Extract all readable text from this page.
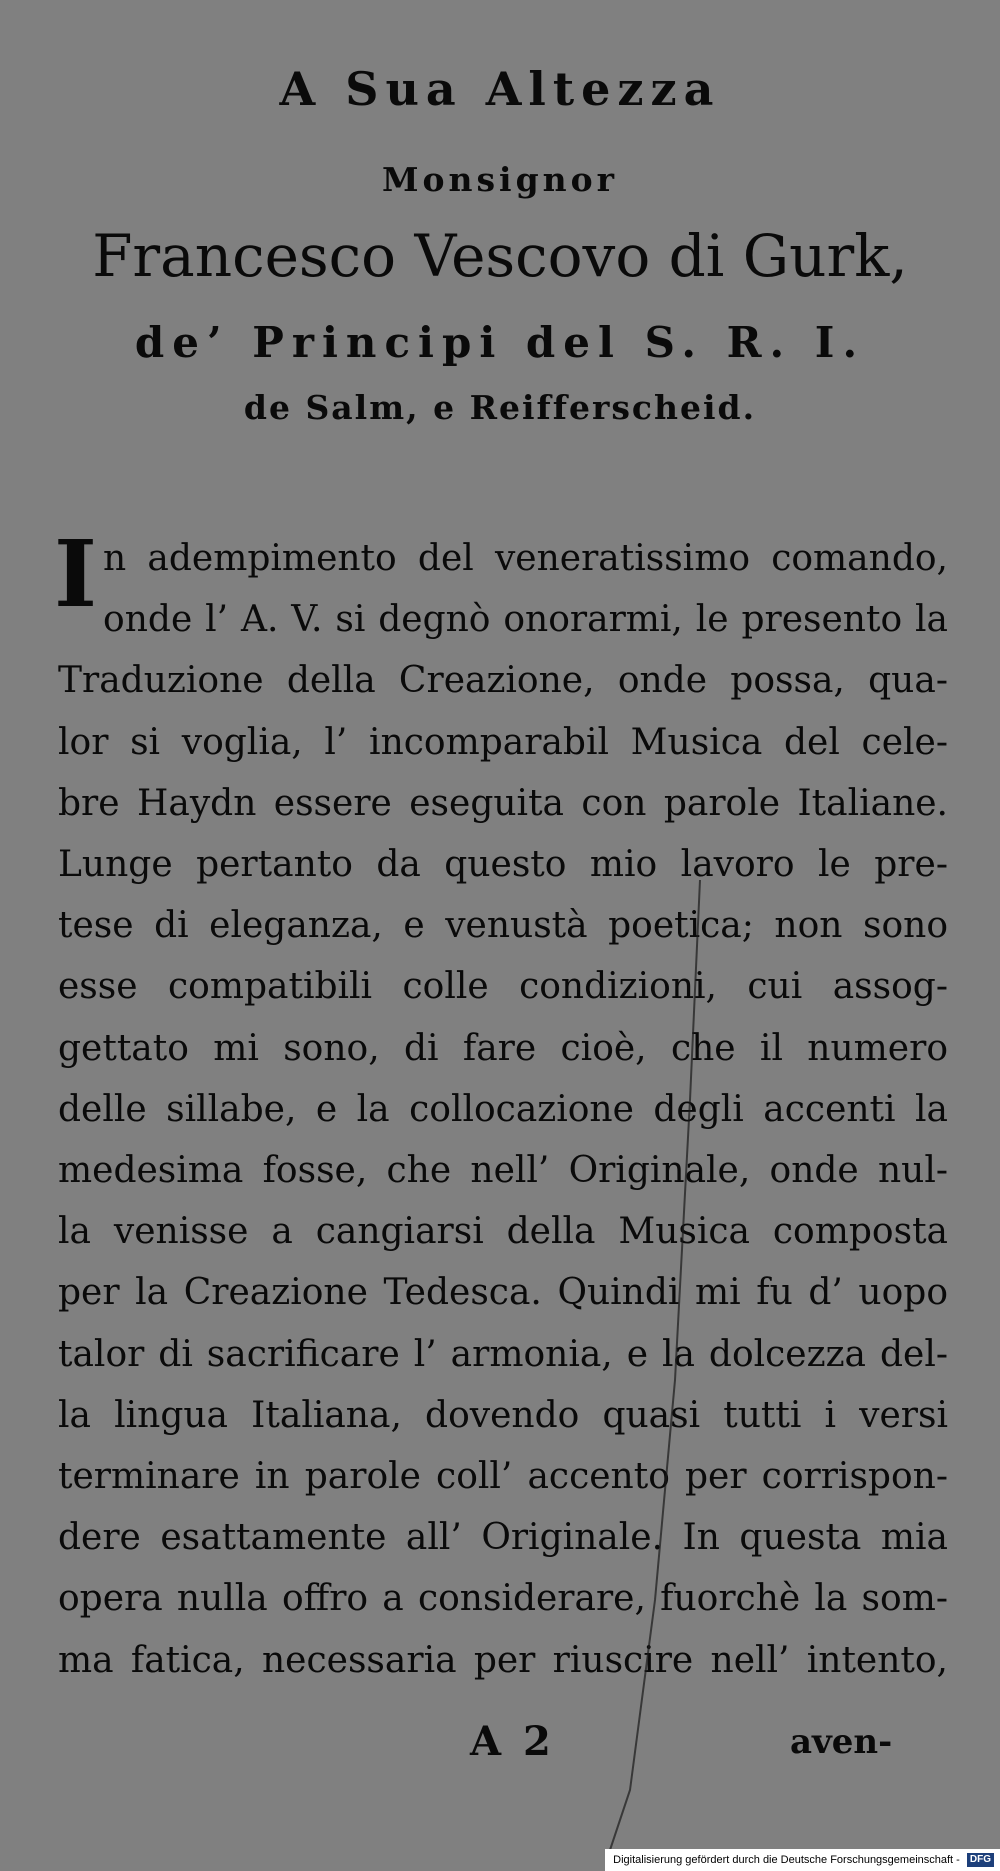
A Sua Altezza
Monsignor
Francesco Vescovo di Gurk,
de’ Principi del S. R. I.
de Salm, e Reifferscheid.
I n adempimento del veneratissimo comando,
onde l’ A. V. si degnò onorarmi, le presento la
Traduzione della Creazione, onde possa, qua-
lor si voglia, l’ incomparabil Musica del cele-
bre Haydn essere eseguita con parole Italiane.
Lunge pertanto da questo mio lavoro le pre-
tese di eleganza, e venustà poetica; non sono
esse compatibili colle condizioni, cui assog-
gettato mi sono, di fare cioè, che il numero
delle sillabe, e la collocazione degli accenti la
medesima fosse, che nell’ Originale, onde nul-
la venisse a cangiarsi della Musica composta
per la Creazione Tedesca. Quindi mi fu d’ uopo
talor di sacrificare l’ armonia, e la dolcezza del-
la lingua Italiana, dovendo quasi tutti i versi
terminare in parole coll’ accento per corrispon-
dere esattamente all’ Originale. In questa mia
opera nulla offro a considerare, fuorchè la som-
ma fatica, necessaria per riuscire nell’ intento,
A 2	aven-
Digitalisierung gefördert durch die Deutsche Forschungsgemeinschaft - DFG
